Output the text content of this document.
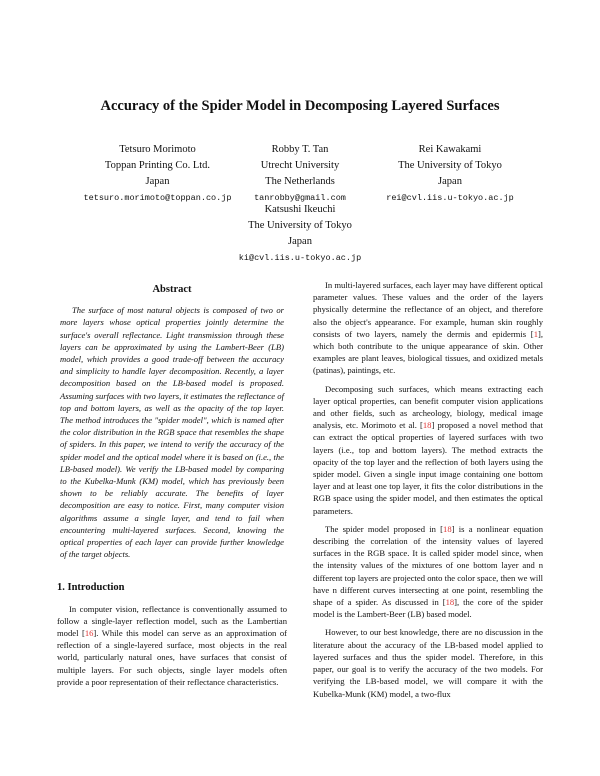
Accuracy of the Spider Model in Decomposing Layered Surfaces
Tetsuro Morimoto
Toppan Printing Co. Ltd.
Japan
tetsuro.morimoto@toppan.co.jp
Robby T. Tan
Utrecht University
The Netherlands
tanrobby@gmail.com
Rei Kawakami
The University of Tokyo
Japan
rei@cvl.iis.u-tokyo.ac.jp
Katsushi Ikeuchi
The University of Tokyo
Japan
ki@cvl.iis.u-tokyo.ac.jp
Abstract

The surface of most natural objects is composed of two or more layers whose optical properties jointly determine the surface's overall reflectance. Light transmission through these layers can be approximated by using the Lambert-Beer (LB) model, which provides a good trade-off between the accuracy and simplicity to handle layer decomposition. Recently, a layer decomposition based on the LB-based model is proposed. Assuming surfaces with two layers, it estimates the reflectance of top and bottom layers, as well as the opacity of the top layer. The method introduces the "spider model", which is named after the color distribution in the RGB space that resembles the shape of spiders. In this paper, we intend to verify the accuracy of the spider model and the optical model where it is based on (i.e., the LB-based model). We verify the LB-based model by comparing to the Kubelka-Munk (KM) model, which has previously been shown to be reliably accurate. The benefits of layer decomposition are easy to notice. First, many computer vision algorithms assume a single layer, and tend to fail when encountering multi-layered surfaces. Second, knowing the optical properties of each layer can provide further knowledge of the target objects.

1. Introduction

In computer vision, reflectance is conventionally assumed to follow a single-layer reflection model, such as the Lambertian model [16]. While this model can serve as an approximation of reflection of a single-layered surface, most objects in the real world, particularly natural ones, have surfaces that consist of multiple layers. For such objects, single layer models often provide a poor representation of their reflectance characteristics.

In multi-layered surfaces, each layer may have different optical parameter values. These values and the order of the layers physically determine the reflectance of an object, and therefore also the object's appearance. For example, human skin roughly consists of two layers, namely the dermis and epidermis [1], which both contribute to the unique appearance of skin. Other examples are plant leaves, biological tissues, and oxidized metals (patinas), paintings, etc.

Decomposing such surfaces, which means extracting each layer optical properties, can benefit computer vision applications and other fields, such as archeology, biology, medical image analysis, etc. Morimoto et al. [18] proposed a novel method that can extract the optical properties of layered surfaces with two layers (i.e., top and bottom layers). The method extracts the opacity of the top layer and the reflection of both layers using the spider model. Given a single input image containing one bottom layer and at least one top layer, it fits the color distributions in the RGB space using the spider model, and then estimates the optical parameters.

The spider model proposed in [18] is a nonlinear equation describing the correlation of the intensity values of layered surfaces in the RGB space. It is called spider model since, when the intensity values of the mixtures of one bottom layer and n different top layers are projected onto the color space, then we will have n different curves intersecting at one point, resembling the shape of a spider. As discussed in [18], the core of the spider model is the Lambert-Beer (LB) based model.

However, to our best knowledge, there are no discussion in the literature about the accuracy of the LB-based model applied to layered surfaces and thus the spider model. Therefore, in this paper, our goal is to verify the accuracy of the two models. For verifying the LB-based model, we will compare it with the Kubelka-Munk (KM) model, a two-flux
